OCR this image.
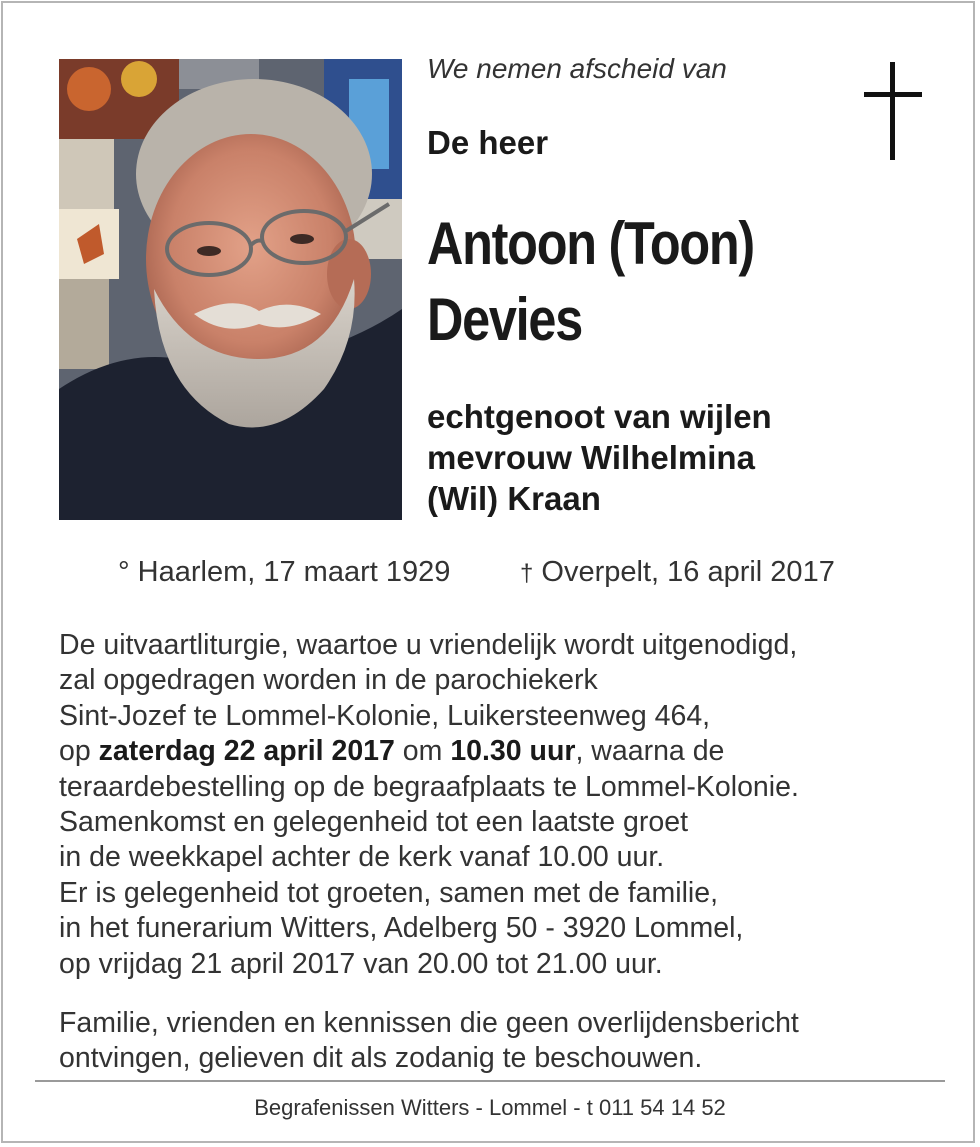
We nemen afscheid van
De heer
Antoon (Toon)
Devies
echtgenoot van wijlen
mevrouw Wilhelmina
(Wil) Kraan
° Haarlem, 17 maart 1929	† Overpelt, 16 april 2017
De uitvaartliturgie, waartoe u vriendelijk wordt uitgenodigd,
zal opgedragen worden in de parochiekerk
Sint-Jozef te Lommel-Kolonie, Luikersteenweg 464,
op zaterdag 22 april 2017 om 10.30 uur, waarna de
teraardebestelling op de begraafplaats te Lommel-Kolonie.
Samenkomst en gelegenheid tot een laatste groet
in de weekkapel achter de kerk vanaf 10.00 uur.
Er is gelegenheid tot groeten, samen met de familie,
in het funerarium Witters, Adelberg 50 - 3920 Lommel,
op vrijdag 21 april 2017 van 20.00 tot 21.00 uur.
Familie, vrienden en kennissen die geen overlijdensbericht
ontvingen, gelieven dit als zodanig te beschouwen.
Begrafenissen Witters - Lommel - t 011 54 14 52
